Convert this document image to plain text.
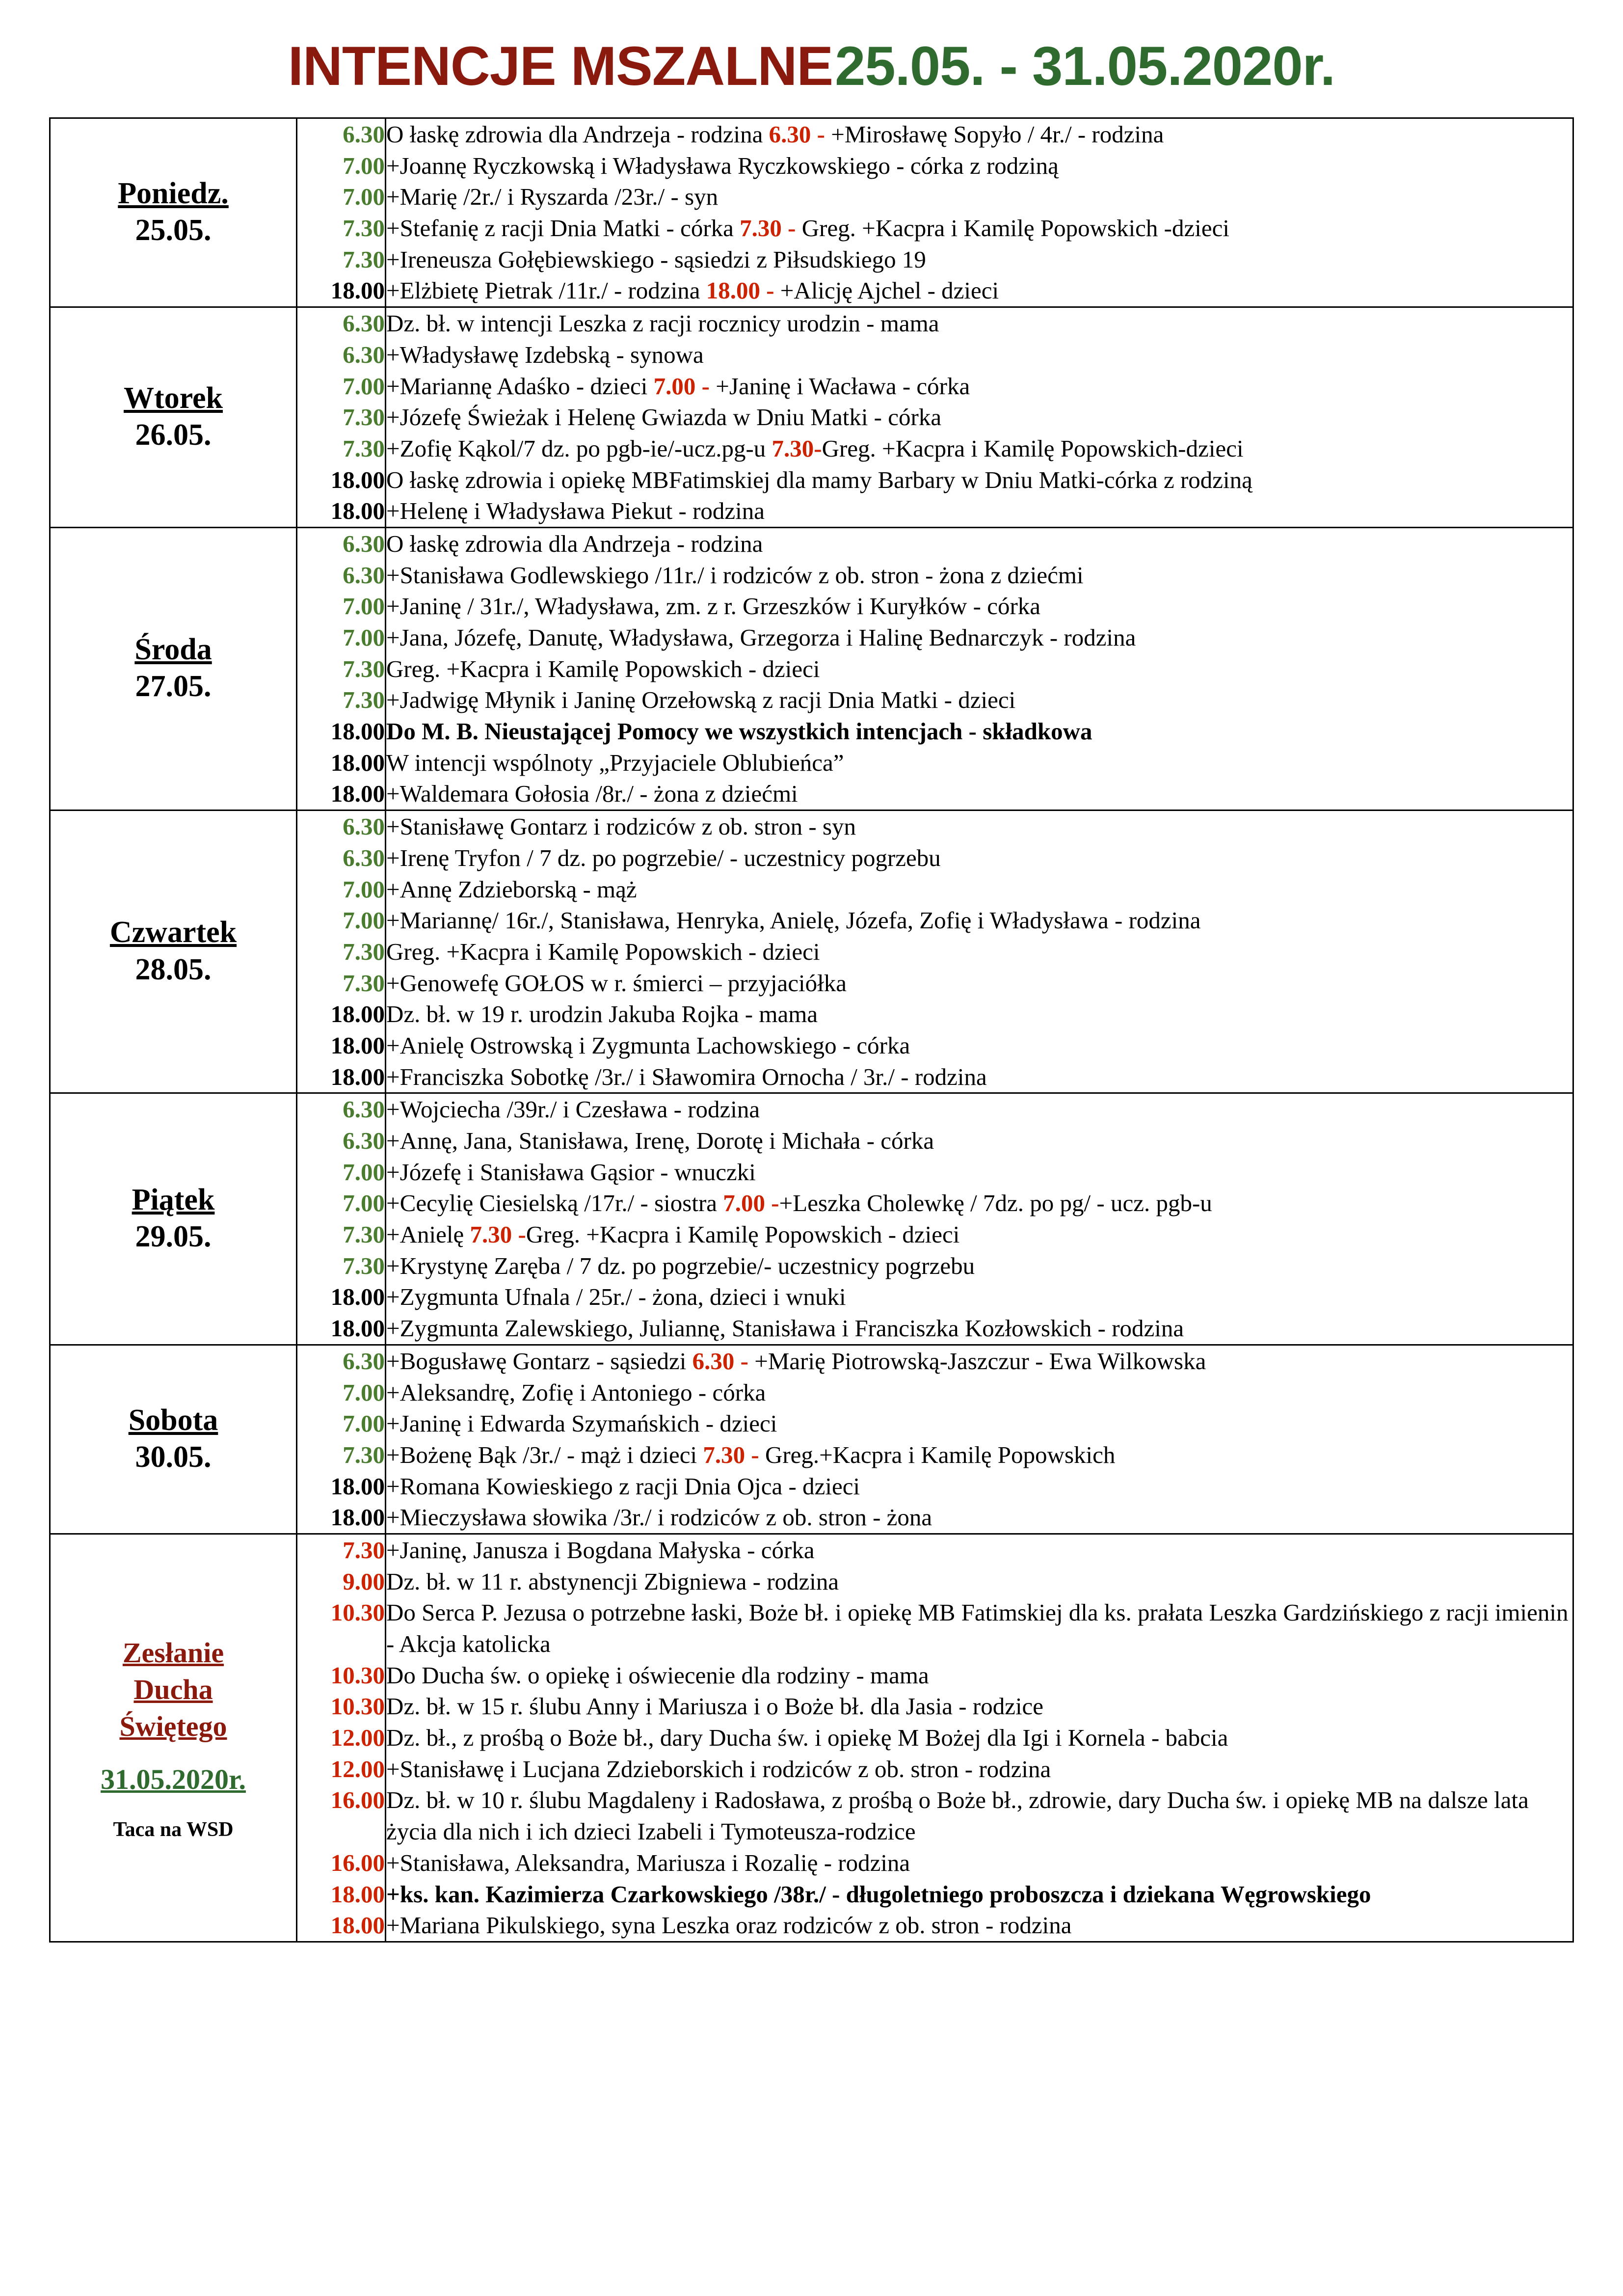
INTENCJE MSZALNE 25.05. - 31.05.2020r.
Poniedz.
25.05.

6.30	O łaskę zdrowia dla Andrzeja - rodzina 6.30 - +Mirosławę Sopyło / 4r./ - rodzina
7.00	+Joannę Ryczkowską i Władysława Ryczkowskiego - córka z rodziną
7.00	+Marię /2r./ i Ryszarda /23r./ - syn
7.30	+Stefanię z racji Dnia Matki - córka 7.30 - Greg. +Kacpra i Kamilę Popowskich -dzieci
7.30	+Ireneusza Gołębiewskiego - sąsiedzi z Piłsudskiego 19
18.00	+Elżbietę Pietrak /11r./ - rodzina 18.00 - +Alicję Ajchel - dzieci

Wtorek
26.05.

6.30	Dz. bł. w intencji Leszka z racji rocznicy urodzin - mama
6.30	+Władysławę Izdebską - synowa
7.00	+Mariannę Adaśko - dzieci 7.00 - +Janinę i Wacława - córka
7.30	+Józefę Świeżak i Helenę Gwiazda w Dniu Matki - córka
7.30	+Zofię Kąkol/7 dz. po pgb-ie/-ucz.pg-u 7.30-Greg. +Kacpra i Kamilę Popowskich-dzieci
18.00	O łaskę zdrowia i opiekę MBFatimskiej dla mamy Barbary w Dniu Matki-córka z rodziną
18.00	+Helenę i Władysława Piekut - rodzina

Środa
27.05.

6.30	O łaskę zdrowia dla Andrzeja - rodzina
6.30	+Stanisława Godlewskiego /11r./ i rodziców z ob. stron - żona z dziećmi
7.00	+Janinę / 31r./, Władysława, zm. z r. Grzeszków i Kuryłków - córka
7.00	+Jana, Józefę, Danutę, Władysława, Grzegorza i Halinę Bednarczyk - rodzina
7.30	Greg. +Kacpra i Kamilę Popowskich - dzieci
7.30	+Jadwigę Młynik i Janinę Orzełowską z racji Dnia Matki - dzieci
18.00	Do M. B. Nieustającej Pomocy we wszystkich intencjach - składkowa
18.00	W intencji wspólnoty „Przyjaciele Oblubieńca”
18.00	+Waldemara Gołosia /8r./ - żona z dziećmi

Czwartek
28.05.

6.30	+Stanisławę Gontarz i rodziców z ob. stron - syn
6.30	+Irenę Tryfon / 7 dz. po pogrzebie/ - uczestnicy pogrzebu
7.00	+Annę Zdzieborską - mąż
7.00	+Mariannę/ 16r./, Stanisława, Henryka, Anielę, Józefa, Zofię i Władysława - rodzina
7.30	Greg. +Kacpra i Kamilę Popowskich - dzieci
7.30	+Genowefę GOŁOS w r. śmierci – przyjaciółka
18.00	Dz. bł. w 19 r. urodzin Jakuba Rojka - mama
18.00	+Anielę Ostrowską i Zygmunta Lachowskiego - córka
18.00	+Franciszka Sobotkę /3r./ i Sławomira Ornocha / 3r./ - rodzina

Piątek
29.05.

6.30	+Wojciecha /39r./ i Czesława - rodzina
6.30	+Annę, Jana, Stanisława, Irenę, Dorotę i Michała - córka
7.00	+Józefę i Stanisława Gąsior - wnuczki
7.00	+Cecylię Ciesielską /17r./ - siostra 7.00 -+Leszka Cholewkę / 7dz. po pg/ - ucz. pgb-u
7.30	+Anielę 7.30 -Greg. +Kacpra i Kamilę Popowskich - dzieci
7.30	+Krystynę Zaręba / 7 dz. po pogrzebie/- uczestnicy pogrzebu
18.00	+Zygmunta Ufnala / 25r./ - żona, dzieci i wnuki
18.00	+Zygmunta Zalewskiego, Juliannę, Stanisława i Franciszka Kozłowskich - rodzina

Sobota
30.05.

6.30	+Bogusławę Gontarz - sąsiedzi 6.30 - +Marię Piotrowską-Jaszczur - Ewa Wilkowska
7.00	+Aleksandrę, Zofię i Antoniego - córka
7.00	+Janinę i Edwarda Szymańskich - dzieci
7.30	+Bożenę Bąk /3r./ - mąż i dzieci 7.30 - Greg.+Kacpra i Kamilę Popowskich
18.00	+Romana Kowieskiego z racji Dnia Ojca - dzieci
18.00	+Mieczysława słowika /3r./ i rodziców z ob. stron - żona

Zesłanie
Ducha
Świętego
31.05.2020r.
Taca na WSD

7.30	+Janinę, Janusza i Bogdana Małyska - córka
9.00	Dz. bł. w 11 r. abstynencji Zbigniewa - rodzina
10.30	Do Serca P. Jezusa o potrzebne łaski, Boże bł. i opiekę MB Fatimskiej dla ks. prałata Leszka Gardzińskiego z racji imienin - Akcja katolicka
10.30	Do Ducha św. o opiekę i oświecenie dla rodziny - mama
10.30	Dz. bł. w 15 r. ślubu Anny i Mariusza i o Boże bł. dla Jasia - rodzice
12.00	Dz. bł., z prośbą o Boże bł., dary Ducha św. i opiekę M Bożej dla Igi i Kornela - babcia
12.00	+Stanisławę i Lucjana Zdzieborskich i rodziców z ob. stron - rodzina
16.00	Dz. bł. w 10 r. ślubu Magdaleny i Radosława, z prośbą o Boże bł., zdrowie, dary Ducha św. i opiekę MB na dalsze lata życia dla nich i ich dzieci Izabeli i Tymoteusza-rodzice
16.00	+Stanisława, Aleksandra, Mariusza i Rozalię - rodzina
18.00	+ks. kan. Kazimierza Czarkowskiego /38r./ - długoletniego proboszcza i dziekana Węgrowskiego
18.00	+Mariana Pikulskiego, syna Leszka oraz rodziców z ob. stron - rodzina
